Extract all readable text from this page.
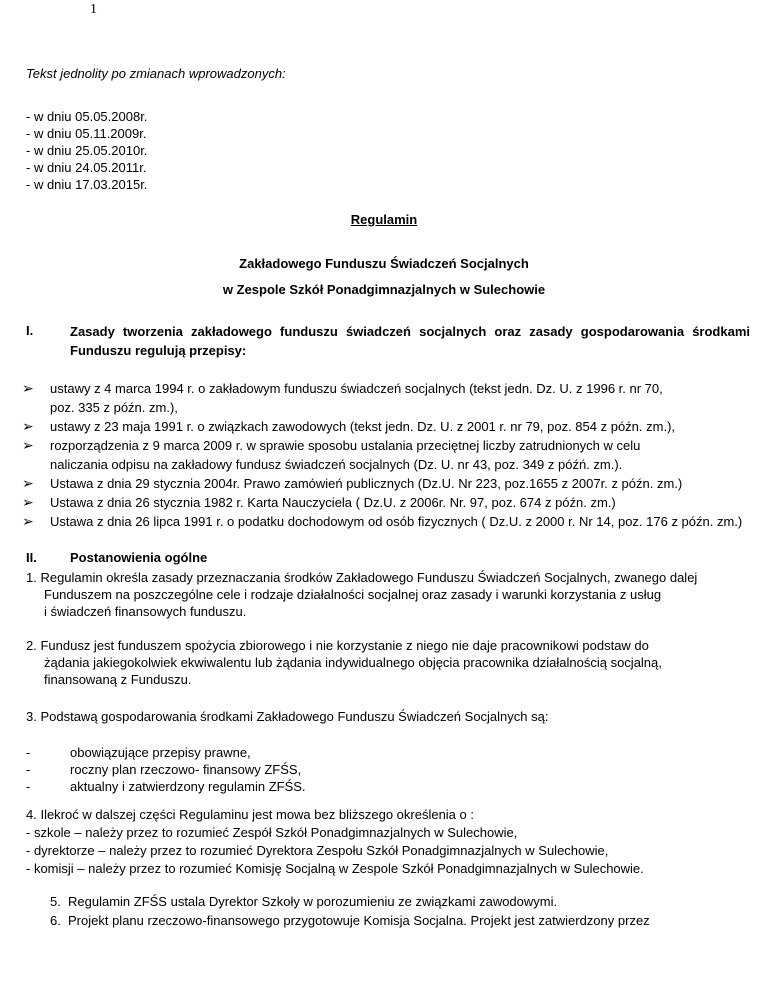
1
Tekst jednolity po zmianach wprowadzonych:
- w dniu 05.05.2008r.
- w dniu 05.11.2009r.
- w dniu 25.05.2010r.
- w dniu 24.05.2011r.
- w dniu 17.03.2015r.
Regulamin
Zakładowego Funduszu Świadczeń Socjalnych
w Zespole Szkół Ponadgimnazjalnych w Sulechowie
I.	Zasady tworzenia zakładowego funduszu świadczeń socjalnych oraz zasady gospodarowania środkami
Funduszu regulują przepisy:
➢ ustawy z 4 marca 1994 r. o zakładowym funduszu świadczeń socjalnych (tekst jedn. Dz. U. z 1996 r. nr 70,
poz. 335 z późn. zm.),
➢ ustawy z 23 maja 1991 r. o związkach zawodowych (tekst jedn. Dz. U. z 2001 r. nr 79, poz. 854 z późn. zm.),
➢ rozporządzenia z 9 marca 2009 r. w sprawie sposobu ustalania przeciętnej liczby zatrudnionych w celu
naliczania odpisu na zakładowy fundusz świadczeń socjalnych (Dz. U. nr 43, poz. 349 z późń. zm.).
➢ Ustawa z dnia 29 stycznia 2004r. Prawo zamówień publicznych (Dz.U. Nr 223, poz.1655 z 2007r. z późn. zm.)
➢ Ustawa z dnia 26 stycznia 1982 r. Karta Nauczyciela ( Dz.U. z 2006r. Nr. 97, poz. 674 z późn. zm.)
➢ Ustawa z dnia 26 lipca 1991 r. o podatku dochodowym od osób fizycznych ( Dz.U. z 2000 r. Nr 14, poz. 176 z późn. zm.)
II.	Postanowienia ogólne
1. Regulamin określa zasady przeznaczania środków Zakładowego Funduszu Świadczeń Socjalnych, zwanego dalej
Funduszem na poszczególne cele i rodzaje działalności socjalnej oraz zasady i warunki korzystania z usług
i świadczeń finansowych funduszu.
2. Fundusz jest funduszem spożycia zbiorowego i nie korzystanie z niego nie daje pracownikowi podstaw do
żądania jakiegokolwiek ekwiwalentu lub żądania indywidualnego objęcia pracownika działalnością socjalną,
finansowaną z Funduszu.
3. Podstawą gospodarowania środkami Zakładowego Funduszu Świadczeń Socjalnych są:
-	obowiązujące przepisy prawne,
-	roczny plan rzeczowo- finansowy ZFŚS,
-	aktualny i zatwierdzony regulamin ZFŚS.
4. Ilekroć w dalszej części Regulaminu jest mowa bez bliższego określenia o :
- szkole – należy przez to rozumieć Zespół Szkół Ponadgimnazjalnych w Sulechowie,
- dyrektorze – należy przez to rozumieć Dyrektora Zespołu Szkół Ponadgimnazjalnych w Sulechowie,
- komisji – należy przez to rozumieć Komisję Socjalną w Zespole Szkół Ponadgimnazjalnych w Sulechowie.
5. Regulamin ZFŚS ustala Dyrektor Szkoły w porozumieniu ze związkami zawodowymi.
6. Projekt planu rzeczowo-finansowego przygotowuje Komisja Socjalna. Projekt jest zatwierdzony przez
